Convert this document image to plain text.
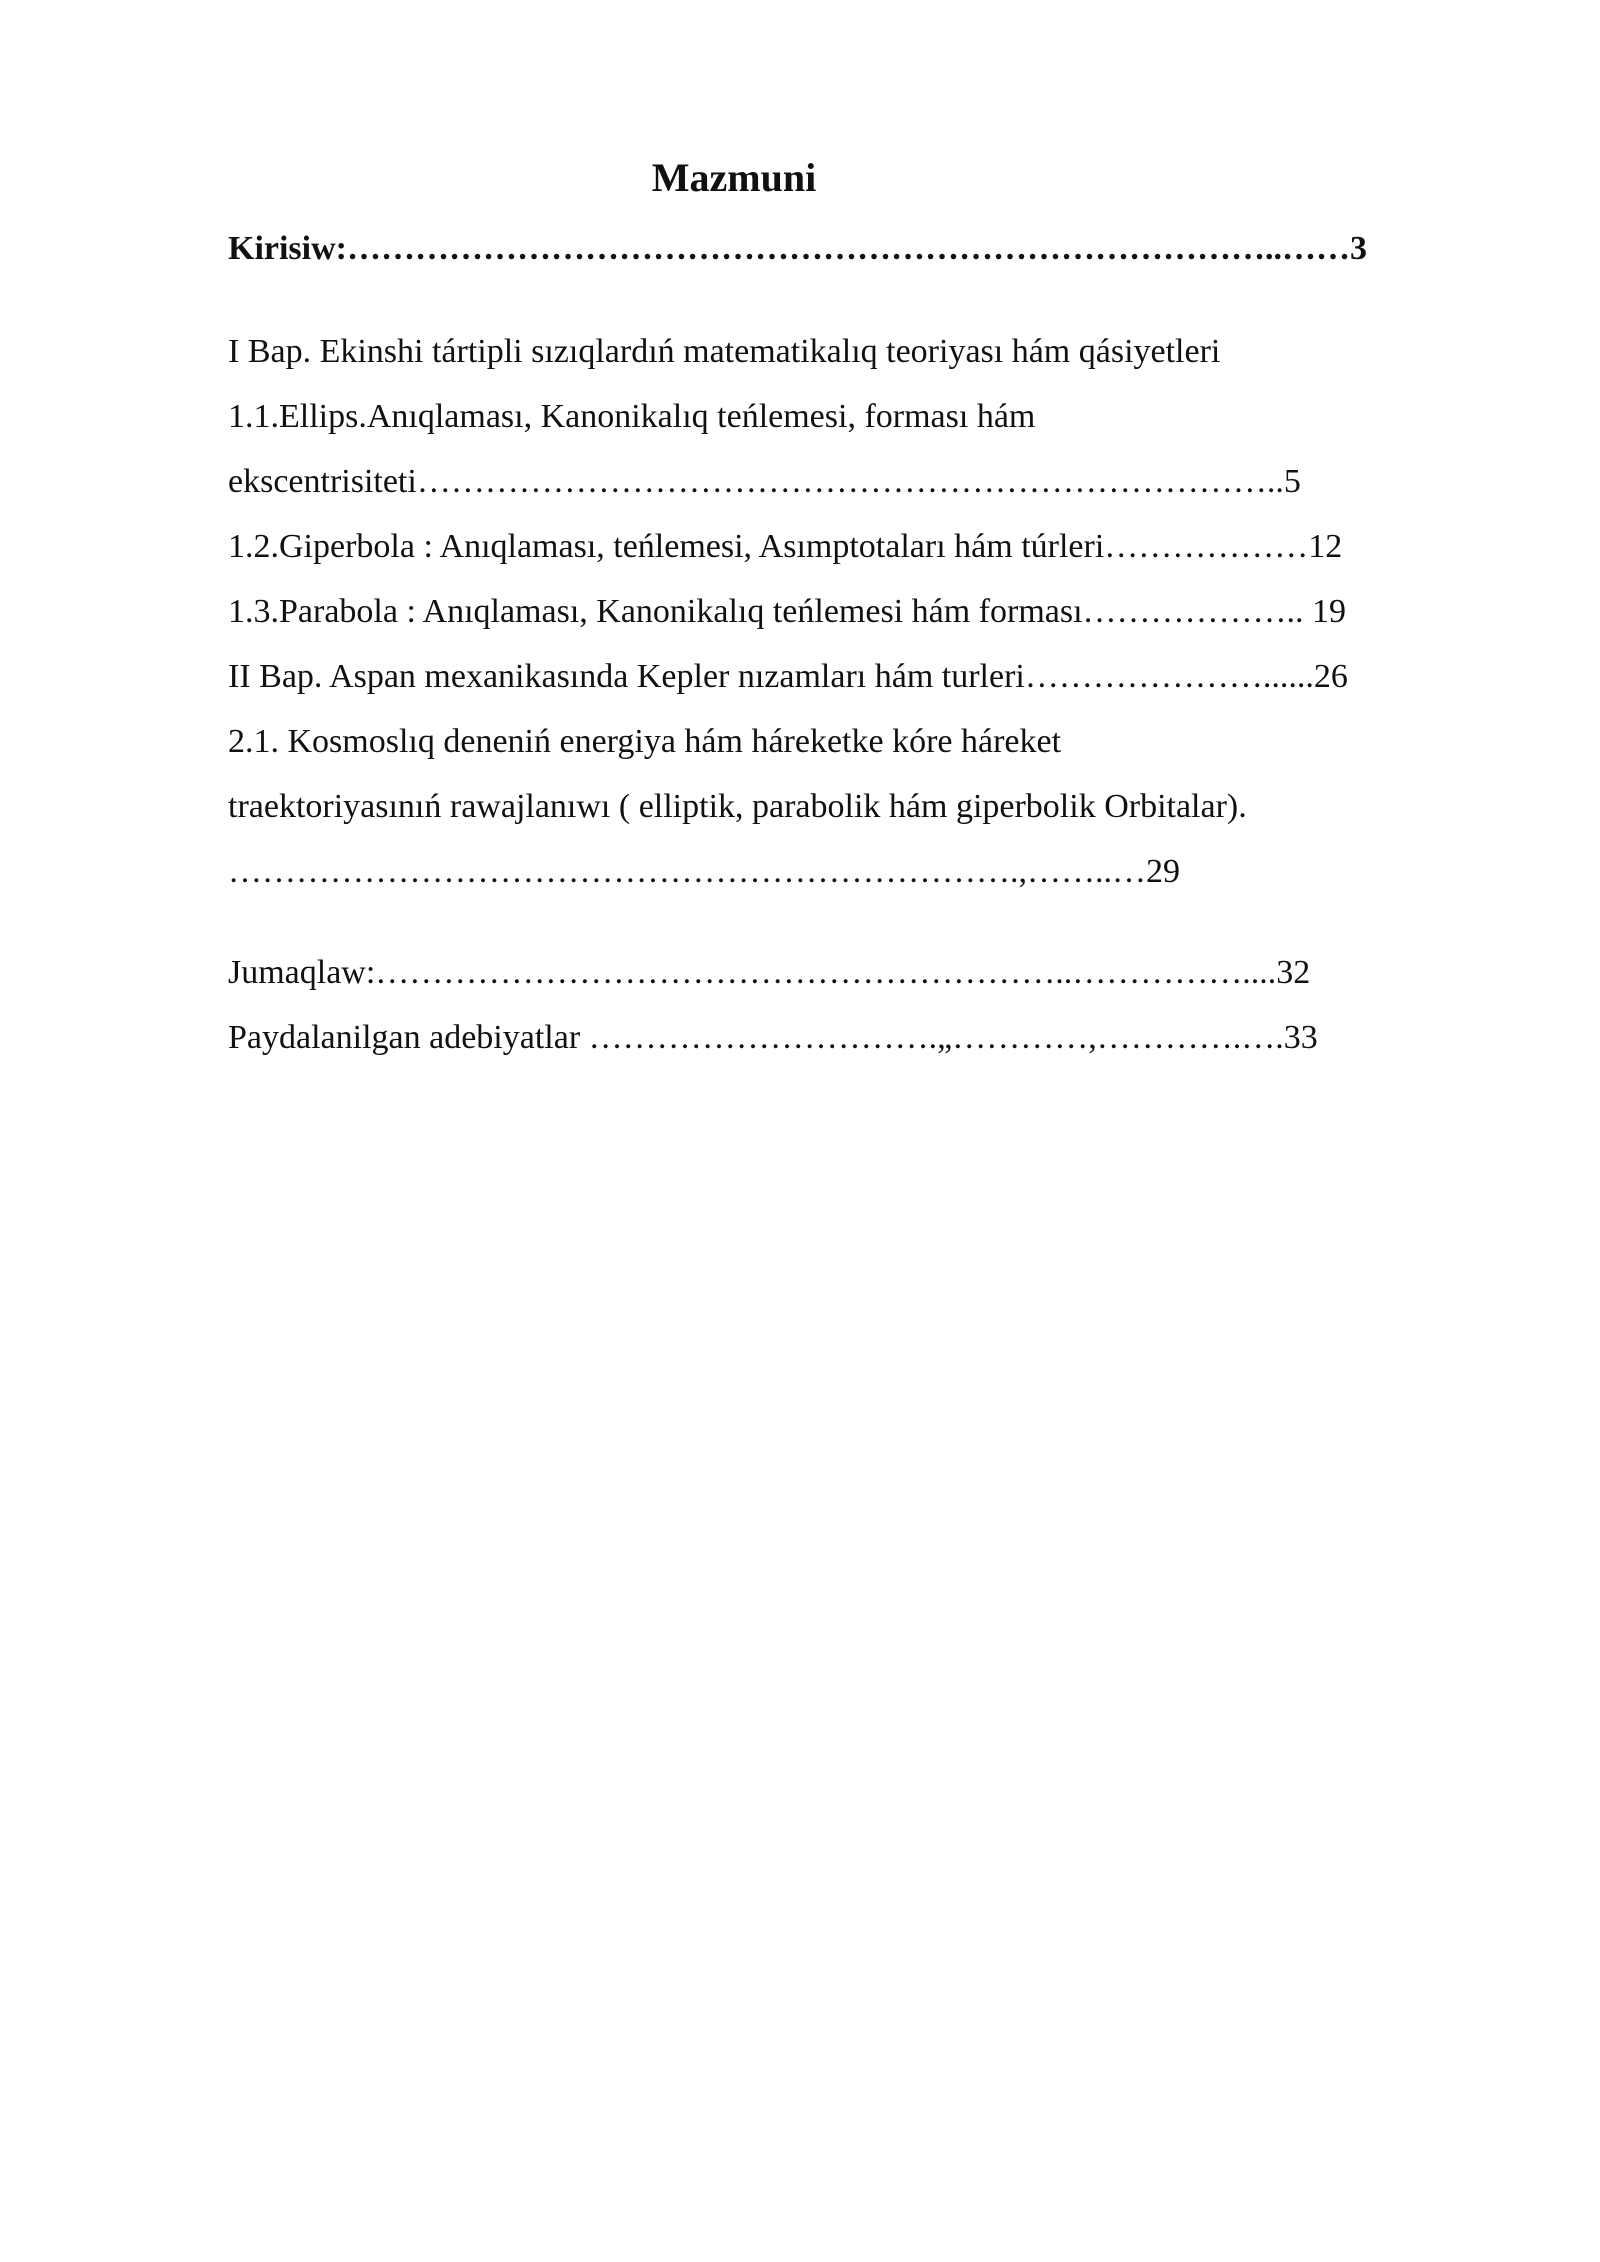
Mazmuni
Kirisiw:………………………………………………………………………..……3
I Bap. Ekinshi tártipli sızıqlardıń matematikalıq teoriyası hám qásiyetleri
1.1.Ellips.Anıqlaması, Kanonikalıq teńlemesi, forması hám
ekscentrisiteti…………………………………………………………………..5
1.2.Giperbola : Anıqlaması, teńlemesi, Asımptotaları hám túrleri………………12
1.3.Parabola : Anıqlaması, Kanonikalıq teńlemesi hám forması……………….. 19
II Bap. Aspan mexanikasında Kepler nızamları hám turleri…………………......26
2.1. Kosmoslıq deneniń energiya hám háreketke kóre háreket
traektoriyasınıń rawajlanıwı ( elliptik, parabolik hám giperbolik Orbitalar).
…………………………………………………………….,……..…29
Jumaqlaw:……………………………………………………..……………....32
Paydalanilgan adebiyatlar ………………………….„…………,………….….33
